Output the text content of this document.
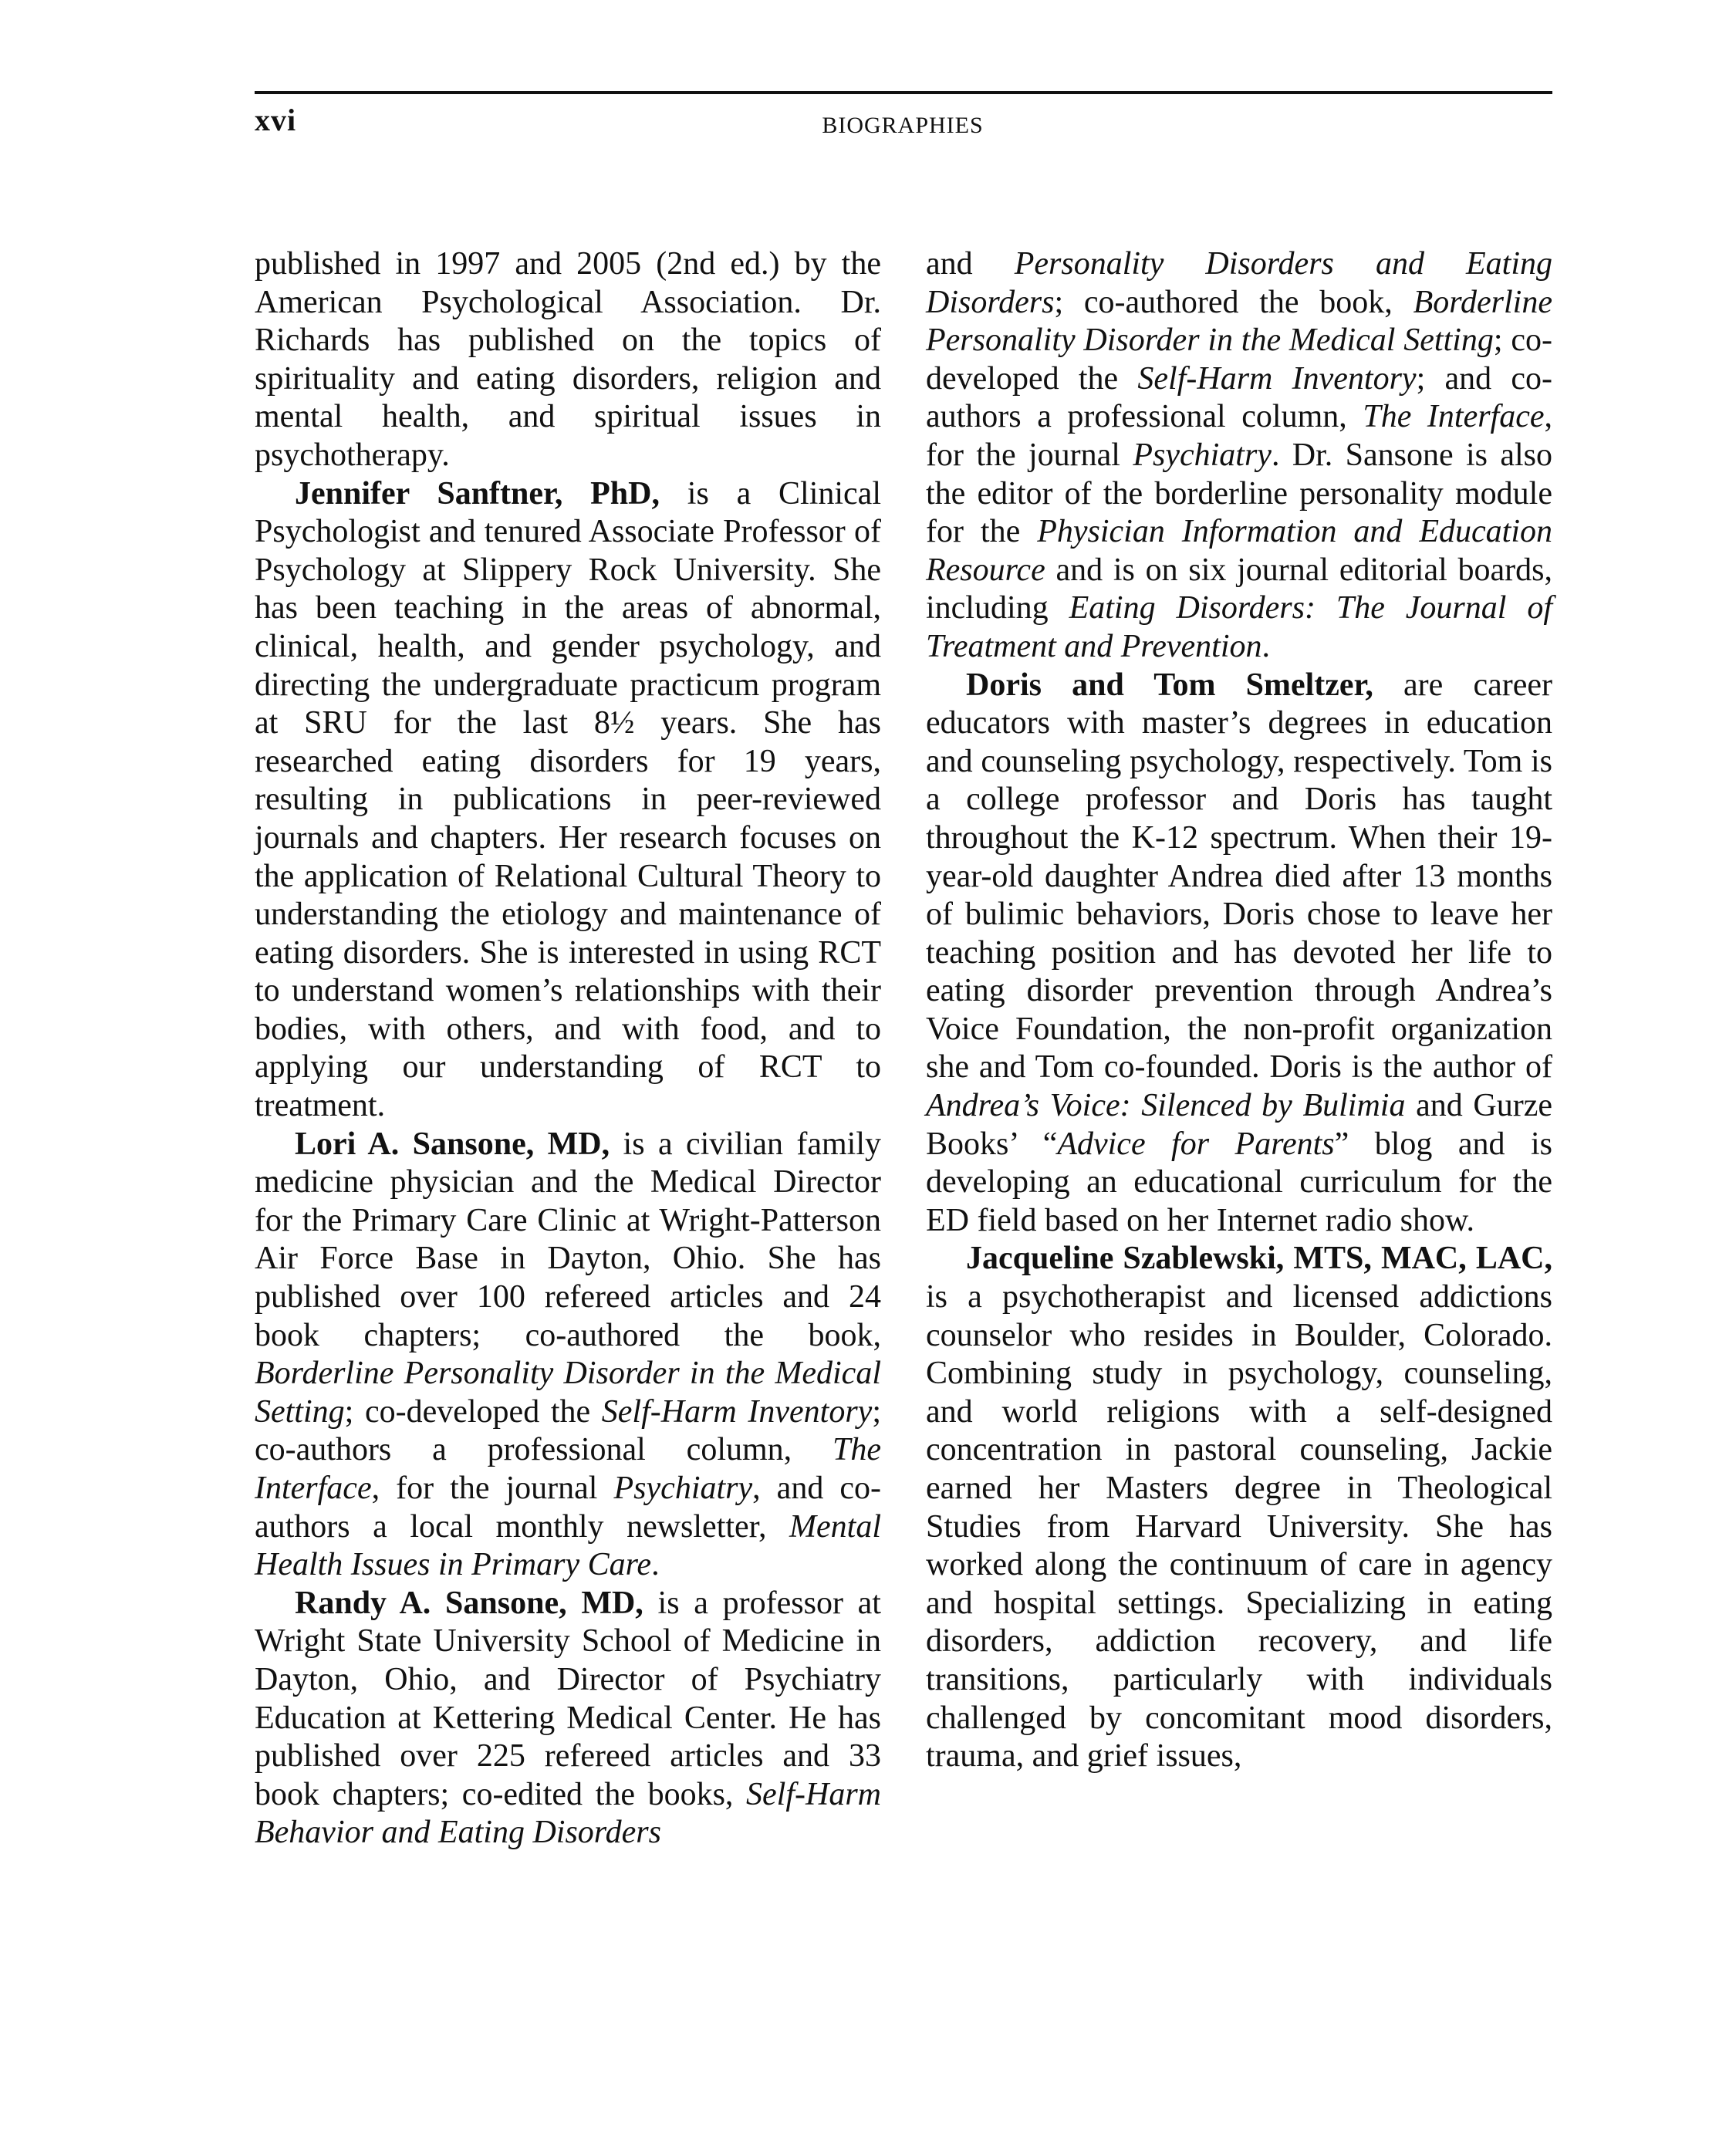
xvi	BIOGRAPHIES

published in 1997 and 2005 (2nd ed.) by the American Psychological Association. Dr. Richards has published on the topics of spirituality and eating disorders, religion and mental health, and spiritual issues in psychotherapy.

Jennifer Sanftner, PhD, is a Clinical Psychologist and tenured Associate Professor of Psychology at Slippery Rock University. She has been teaching in the areas of abnormal, clinical, health, and gender psychology, and directing the undergraduate practicum program at SRU for the last 8½ years. She has researched eating disorders for 19 years, resulting in publications in peer-reviewed journals and chapters. Her research focuses on the application of Relational Cultural Theory to understanding the etiology and maintenance of eating disorders. She is interested in using RCT to understand women’s relationships with their bodies, with others, and with food, and to applying our understanding of RCT to treatment.

Lori A. Sansone, MD, is a civilian family medicine physician and the Medical Director for the Primary Care Clinic at Wright-Patterson Air Force Base in Dayton, Ohio. She has published over 100 refereed articles and 24 book chapters; co-authored the book, Borderline Personality Disorder in the Medical Setting; co-developed the Self-Harm Inventory; co-authors a professional column, The Interface, for the journal Psychiatry, and co-authors a local monthly newsletter, Mental Health Issues in Primary Care.

Randy A. Sansone, MD, is a professor at Wright State University School of Medicine in Dayton, Ohio, and Director of Psychiatry Education at Kettering Medical Center. He has published over 225 refereed articles and 33 book chapters; co-edited the books, Self-Harm Behavior and Eating Disorders

and Personality Disorders and Eating Disorders; co-authored the book, Borderline Personality Disorder in the Medical Setting; co-developed the Self-Harm Inventory; and co-authors a professional column, The Interface, for the journal Psychiatry. Dr. Sansone is also the editor of the borderline personality module for the Physician Information and Education Resource and is on six journal editorial boards, including Eating Disorders: The Journal of Treatment and Prevention.

Doris and Tom Smeltzer, are career educators with master’s degrees in education and counseling psychology, respectively. Tom is a college professor and Doris has taught throughout the K-12 spectrum. When their 19-year-old daughter Andrea died after 13 months of bulimic behaviors, Doris chose to leave her teaching position and has devoted her life to eating disorder prevention through Andrea’s Voice Foundation, the non-profit organization she and Tom co-founded. Doris is the author of Andrea’s Voice: Silenced by Bulimia and Gurze Books’ “Advice for Parents” blog and is developing an educational curriculum for the ED field based on her Internet radio show.

Jacqueline Szablewski, MTS, MAC, LAC, is a psychotherapist and licensed addictions counselor who resides in Boulder, Colorado. Combining study in psychology, counseling, and world religions with a self-designed concentration in pastoral counseling, Jackie earned her Masters degree in Theological Studies from Harvard University. She has worked along the continuum of care in agency and hospital settings. Specializing in eating disorders, addiction recovery, and life transitions, particularly with individuals challenged by concomitant mood disorders, trauma, and grief issues,
